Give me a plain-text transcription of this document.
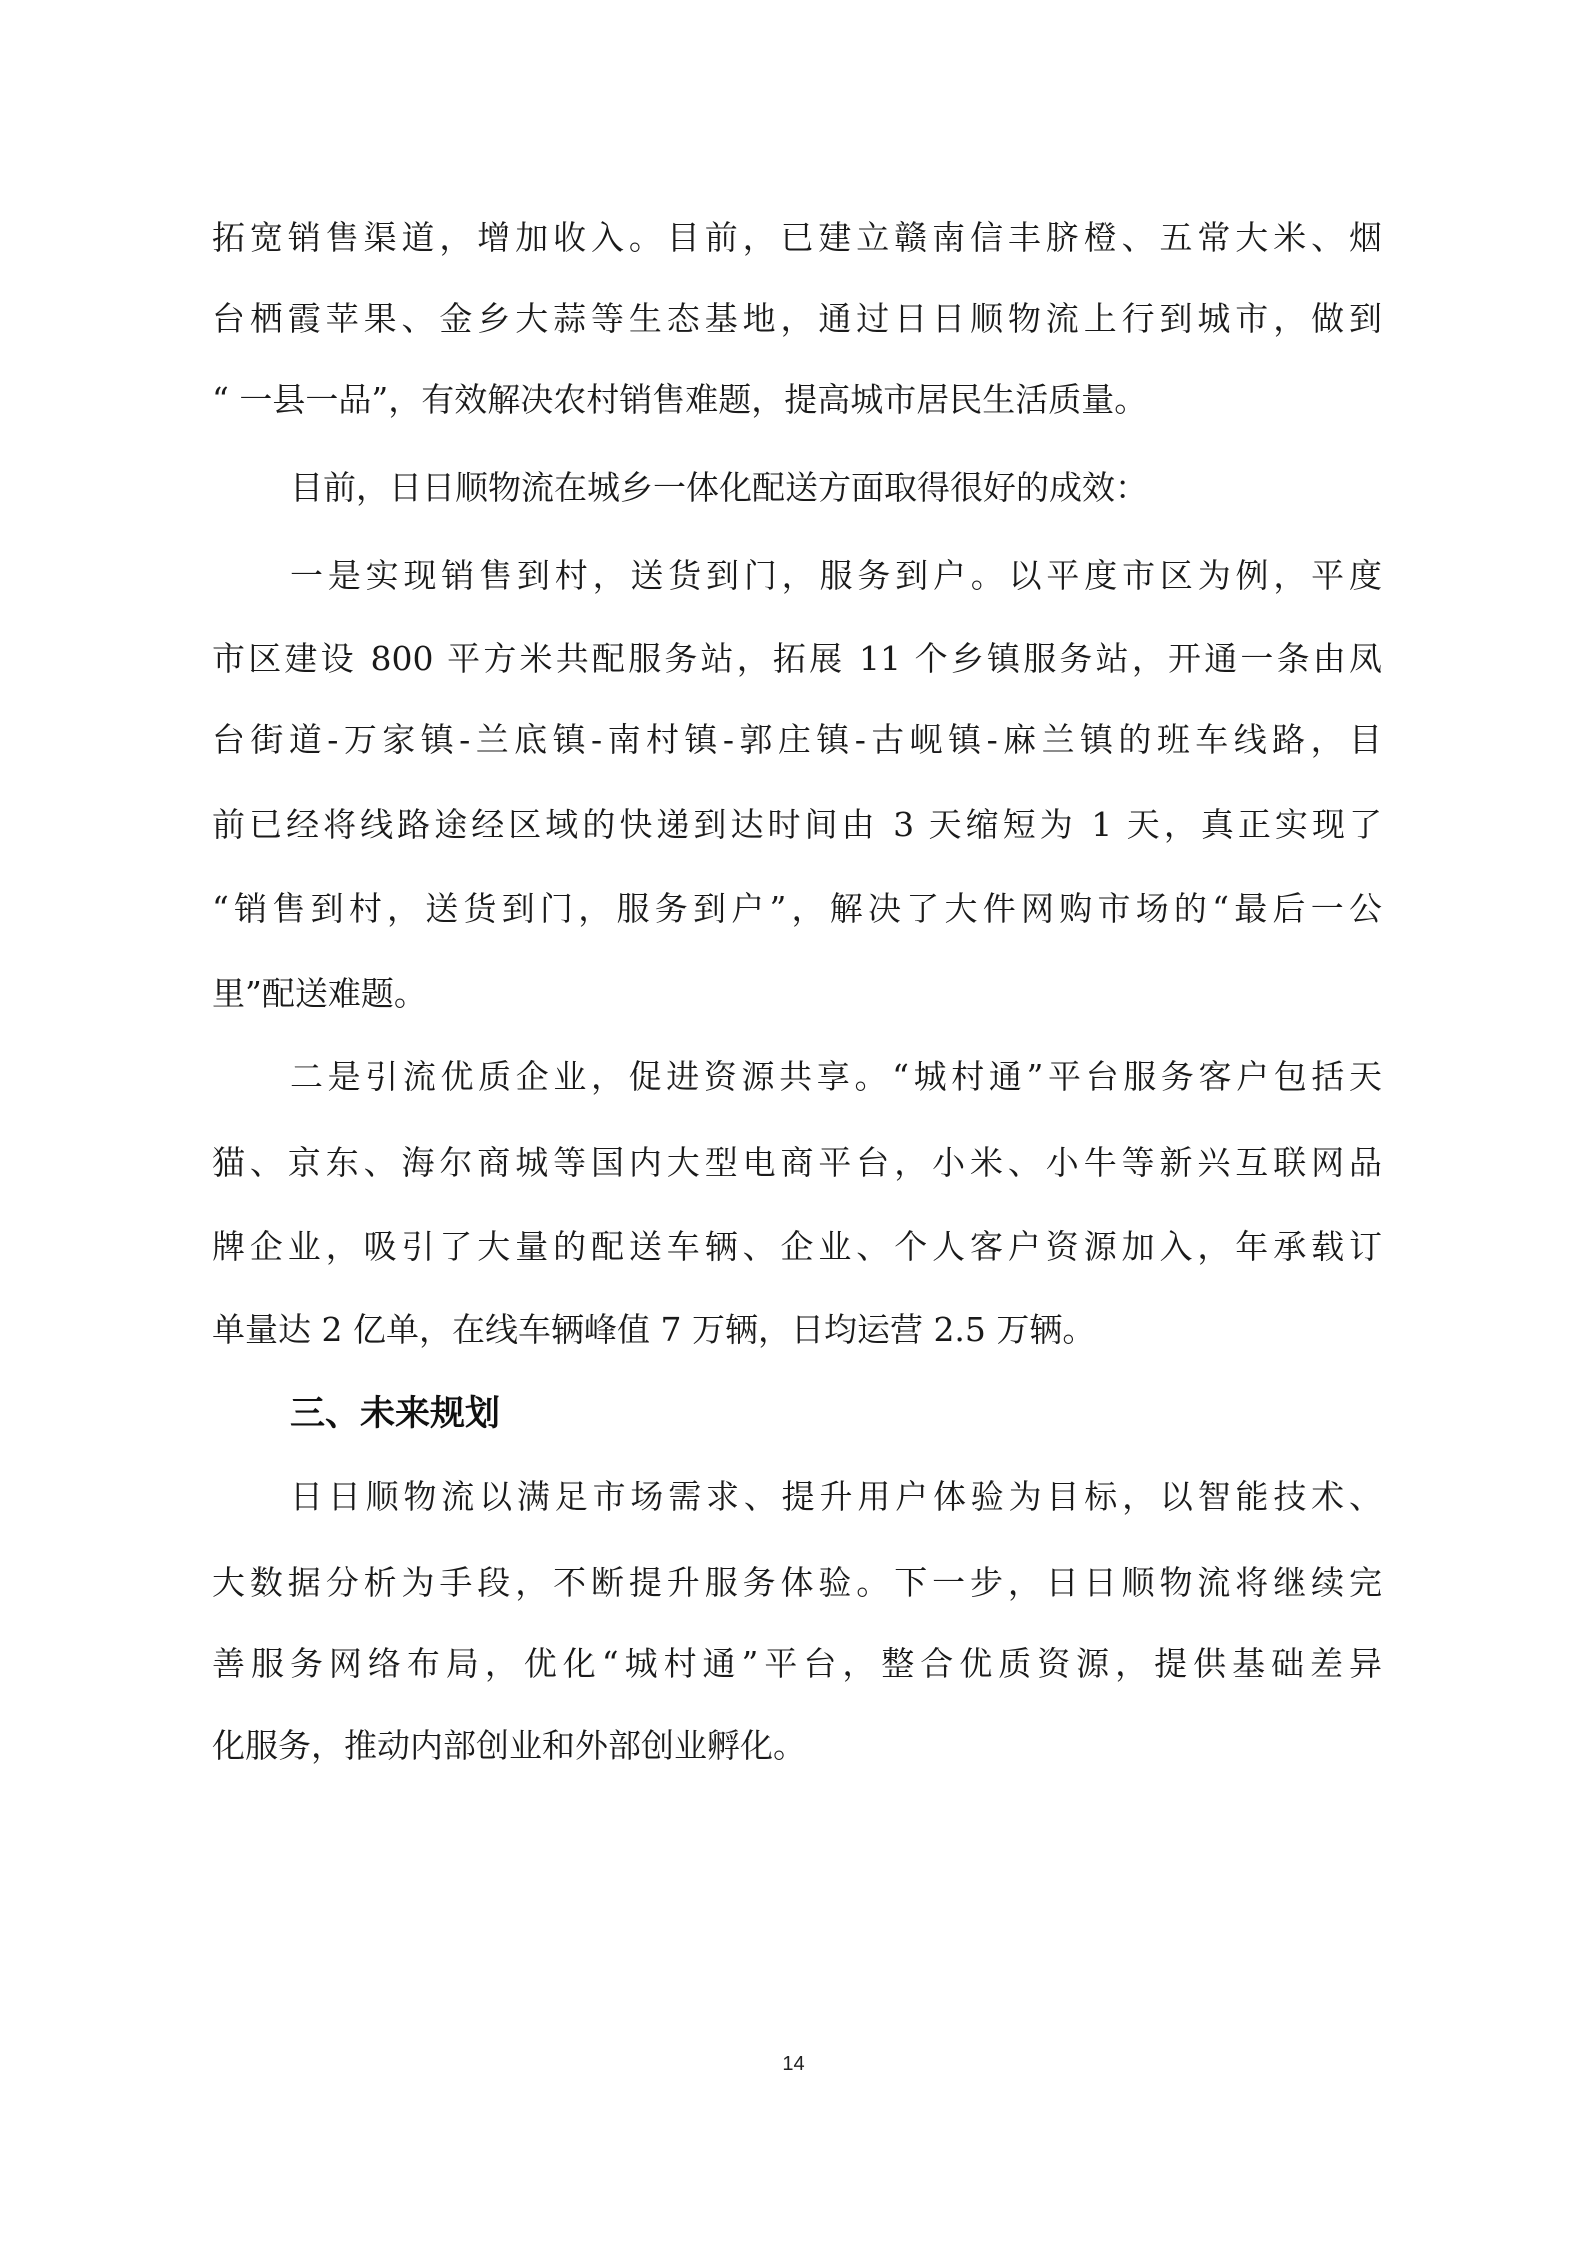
拓宽销售渠道，增加收入。目前，已建立赣南信丰脐橙、五常大米、烟
台栖霞苹果、金乡大蒜等生态基地，通过日日顺物流上行到城市，做到
“ 一县一品”，有效解决农村销售难题，提高城市居民生活质量。
目前，日日顺物流在城乡一体化配送方面取得很好的成效：
一是实现销售到村，送货到门，服务到户。以平度市区为例，平度
市区建设 800 平方米共配服务站，拓展 11 个乡镇服务站，开通一条由凤
台街道-万家镇-兰底镇-南村镇-郭庄镇-古岘镇-麻兰镇的班车线路，目
前已经将线路途经区域的快递到达时间由 3 天缩短为 1 天，真正实现了
“销售到村，送货到门，服务到户”，解决了大件网购市场的“最后一公
里”配送难题。
二是引流优质企业，促进资源共享。“城村通”平台服务客户包括天
猫、京东、海尔商城等国内大型电商平台，小米、小牛等新兴互联网品
牌企业，吸引了大量的配送车辆、企业、个人客户资源加入，年承载订
单量达 2 亿单，在线车辆峰值 7 万辆，日均运营 2.5 万辆。
日日顺物流以满足市场需求、提升用户体验为目标，以智能技术、
大数据分析为手段，不断提升服务体验。下一步，日日顺物流将继续完
善服务网络布局，优化“城村通”平台，整合优质资源，提供基础差异
化服务，推动内部创业和外部创业孵化。
三、未来规划
14
